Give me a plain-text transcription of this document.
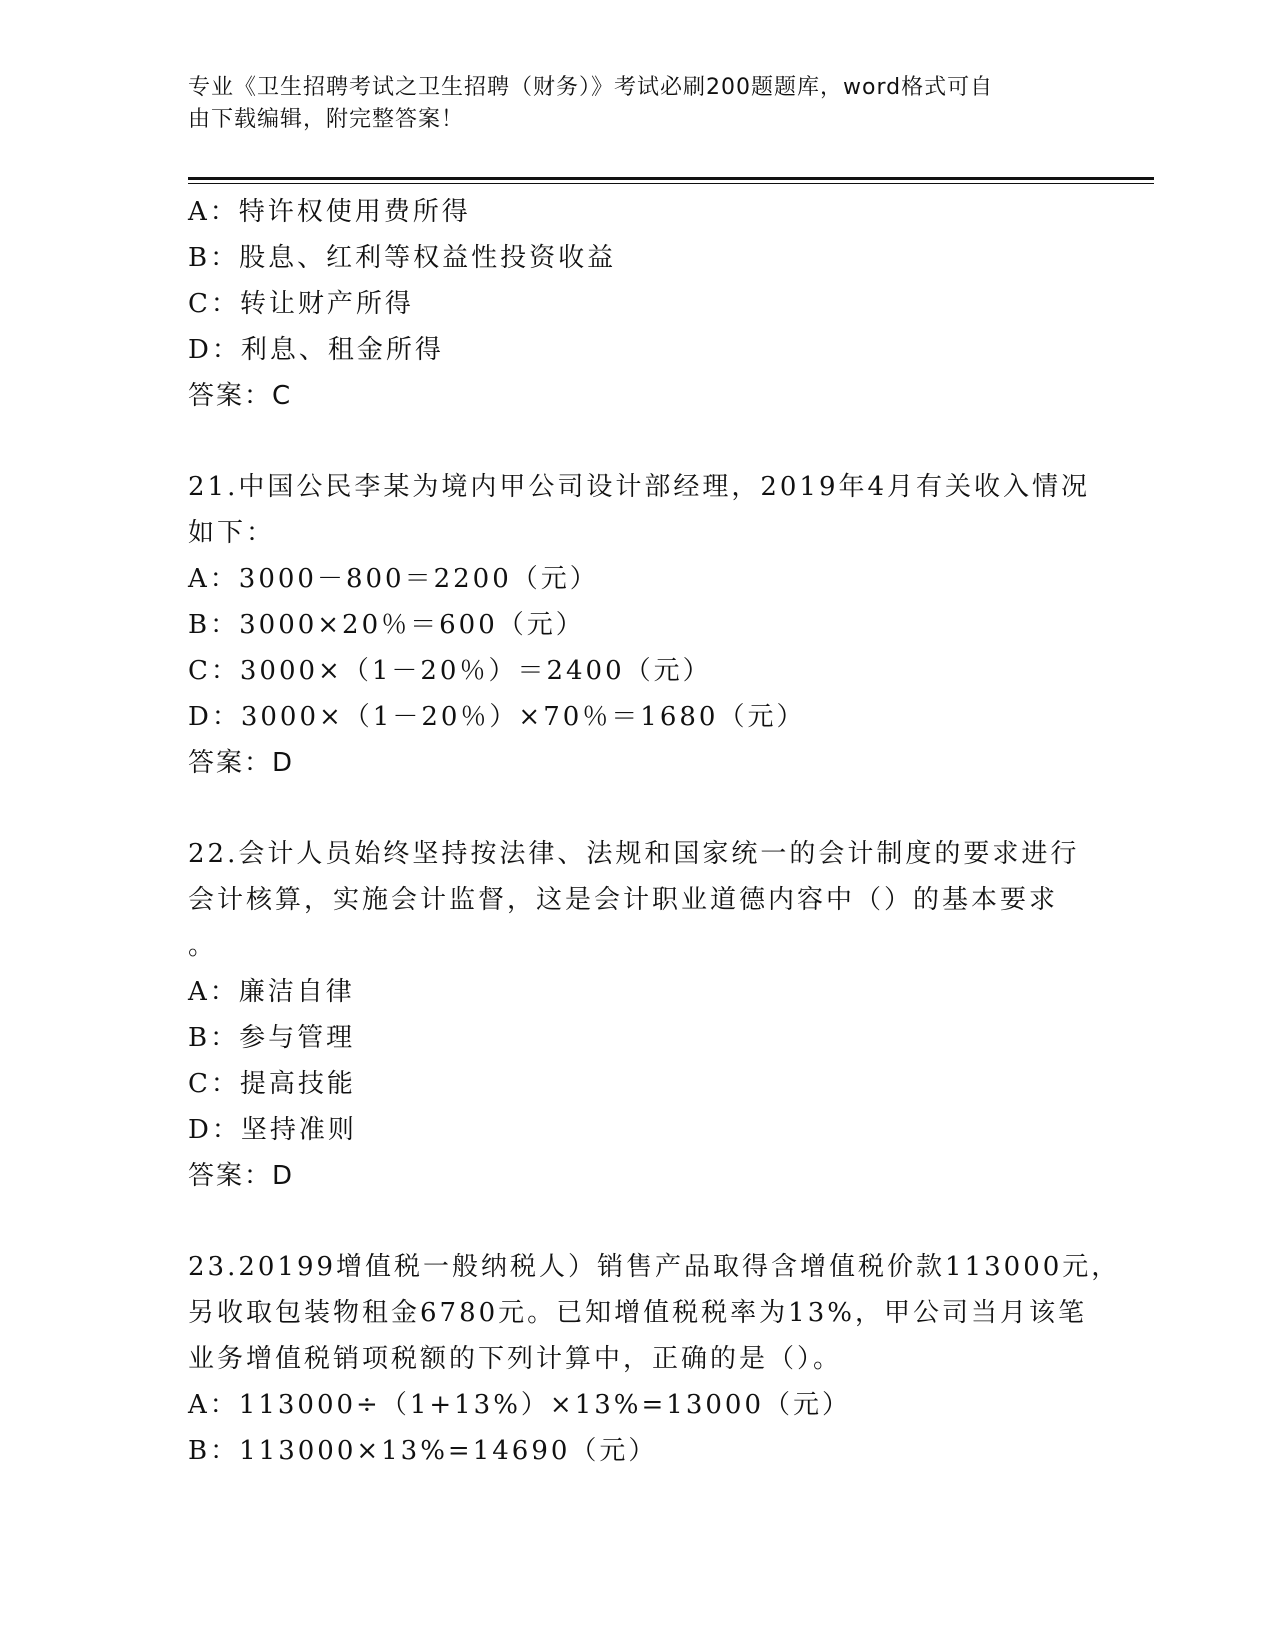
专业《卫生招聘考试之卫生招聘（财务）》考试必刷200题题库，word格式可自
由下载编辑，附完整答案！
A：特许权使用费所得
B：股息、红利等权益性投资收益
C：转让财产所得
D：利息、租金所得
答案：C
21.中国公民李某为境内甲公司设计部经理，2019年4月有关收入情况
如下：
A：3000－800＝2200（元）
B：3000×20％＝600（元）
C：3000×（1－20％）＝2400（元）
D：3000×（1－20％）×70％＝1680（元）
答案：D
22.会计人员始终坚持按法律、法规和国家统一的会计制度的要求进行
会计核算，实施会计监督，这是会计职业道德内容中（）的基本要求
。
A：廉洁自律
B：参与管理
C：提高技能
D：坚持准则
答案：D
23.20199增值税一般纳税人）销售产品取得含增值税价款113000元，
另收取包装物租金6780元。已知增值税税率为13%，甲公司当月该笔
业务增值税销项税额的下列计算中，正确的是（）。
A：113000÷（1+13%）×13%=13000（元）
B：113000×13%=14690（元）
